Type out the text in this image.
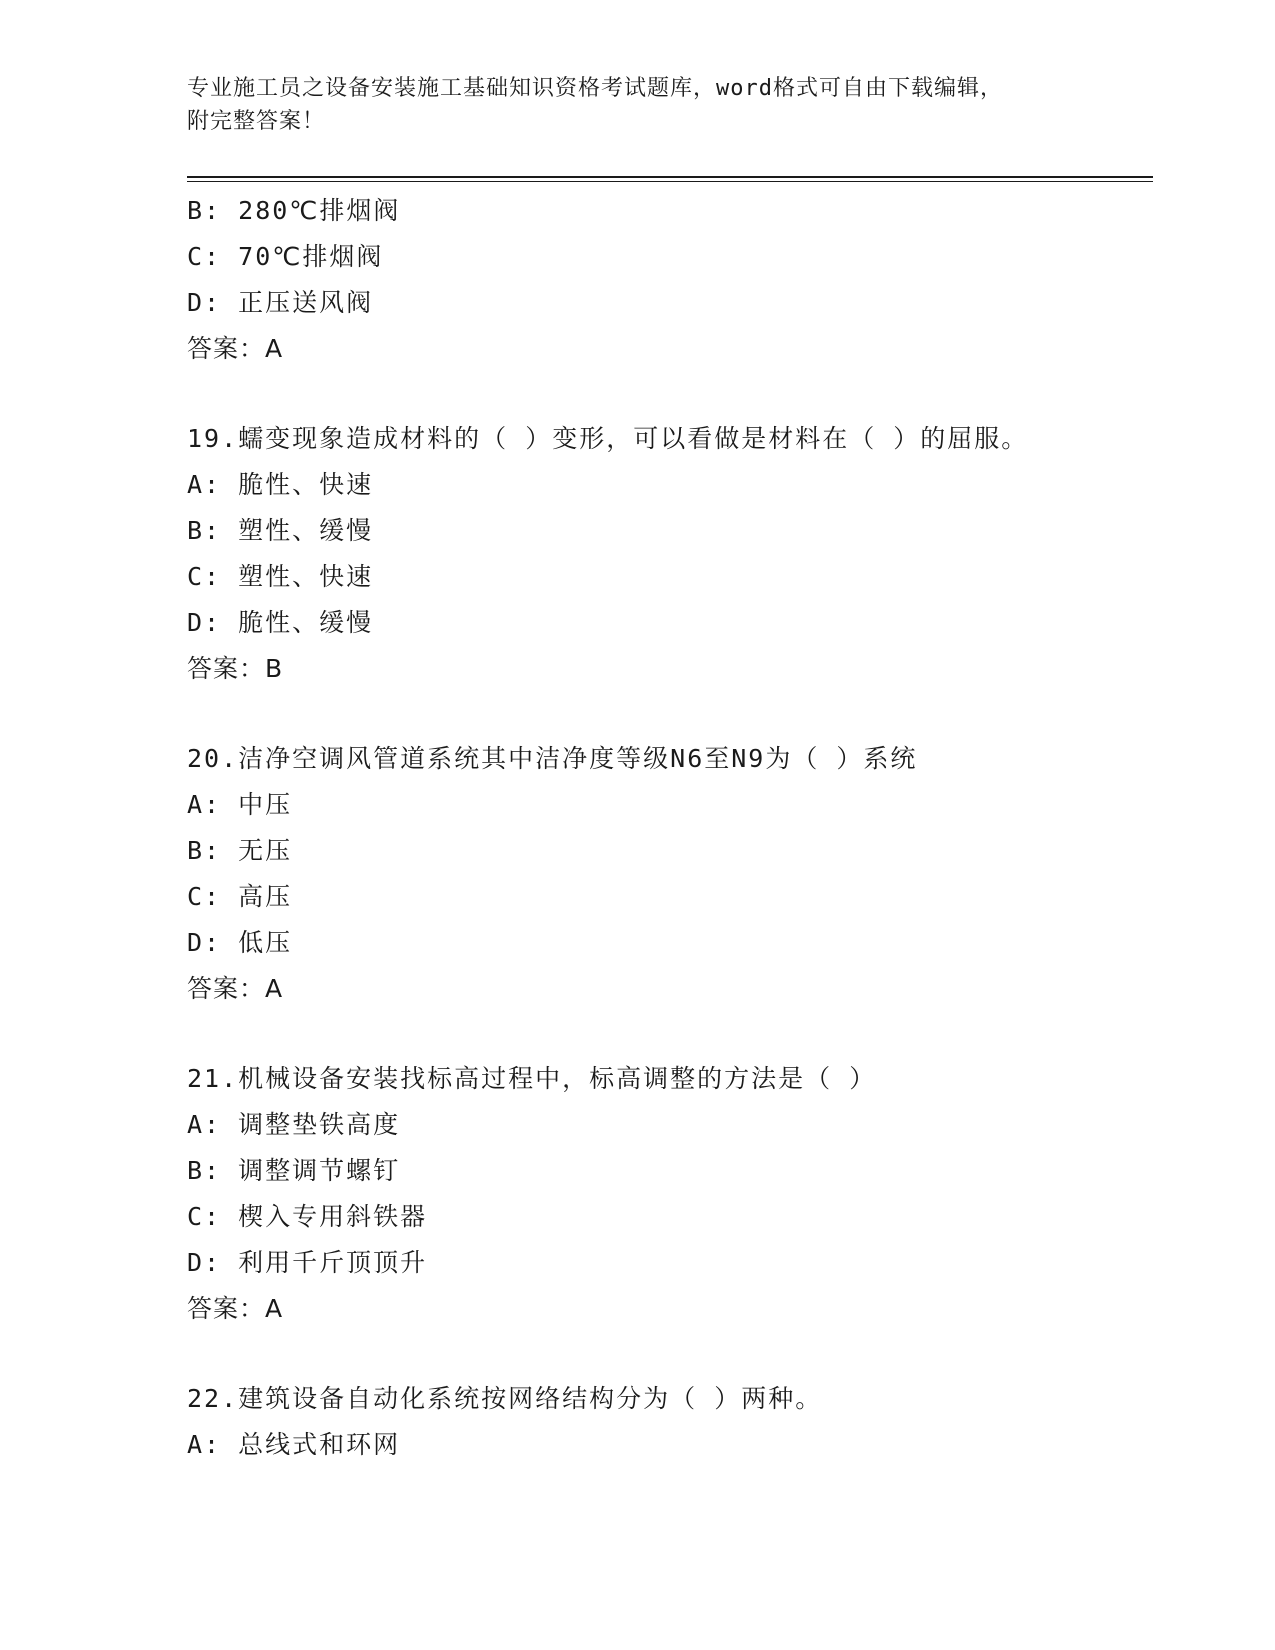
专业施工员之设备安装施工基础知识资格考试题库，word格式可自由下载编辑，
附完整答案！
B: 280℃排烟阀
C: 70℃排烟阀
D: 正压送风阀
答案：A
19.蠕变现象造成材料的（ ）变形，可以看做是材料在（ ）的屈服。
A: 脆性、快速
B: 塑性、缓慢
C: 塑性、快速
D: 脆性、缓慢
答案：B
20.洁净空调风管道系统其中洁净度等级N6至N9为（ ）系统
A: 中压
B: 无压
C: 高压
D: 低压
答案：A
21.机械设备安装找标高过程中，标高调整的方法是（ ）
A: 调整垫铁高度
B: 调整调节螺钉
C: 楔入专用斜铁器
D: 利用千斤顶顶升
答案：A
22.建筑设备自动化系统按网络结构分为（ ）两种。
A: 总线式和环网
